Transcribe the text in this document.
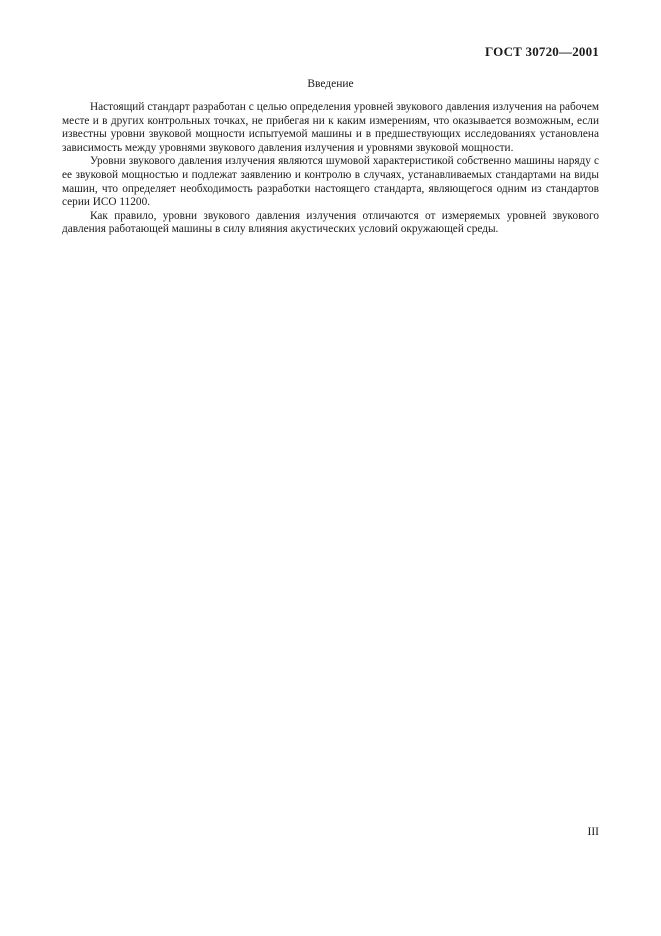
ГОСТ 30720—2001
Введение

Настоящий стандарт разработан с целью определения уровней звукового давления излучения на рабочем месте и в других контрольных точках, не прибегая ни к каким измерениям, что оказывается возможным, если известны уровни звуковой мощности испытуемой машины и в предшествующих исследованиях установлена зависимость между уровнями звукового давления излучения и уровнями звуковой мощности.

Уровни звукового давления излучения являются шумовой характеристикой собственно машины наряду с ее звуковой мощностью и подлежат заявлению и контролю в случаях, устанавливаемых стандартами на виды машин, что определяет необходимость разработки настоящего стандарта, являющегося одним из стандартов серии ИСО 11200.

Как правило, уровни звукового давления излучения отличаются от измеряемых уровней звукового давления работающей машины в силу влияния акустических условий окружающей среды.

III
